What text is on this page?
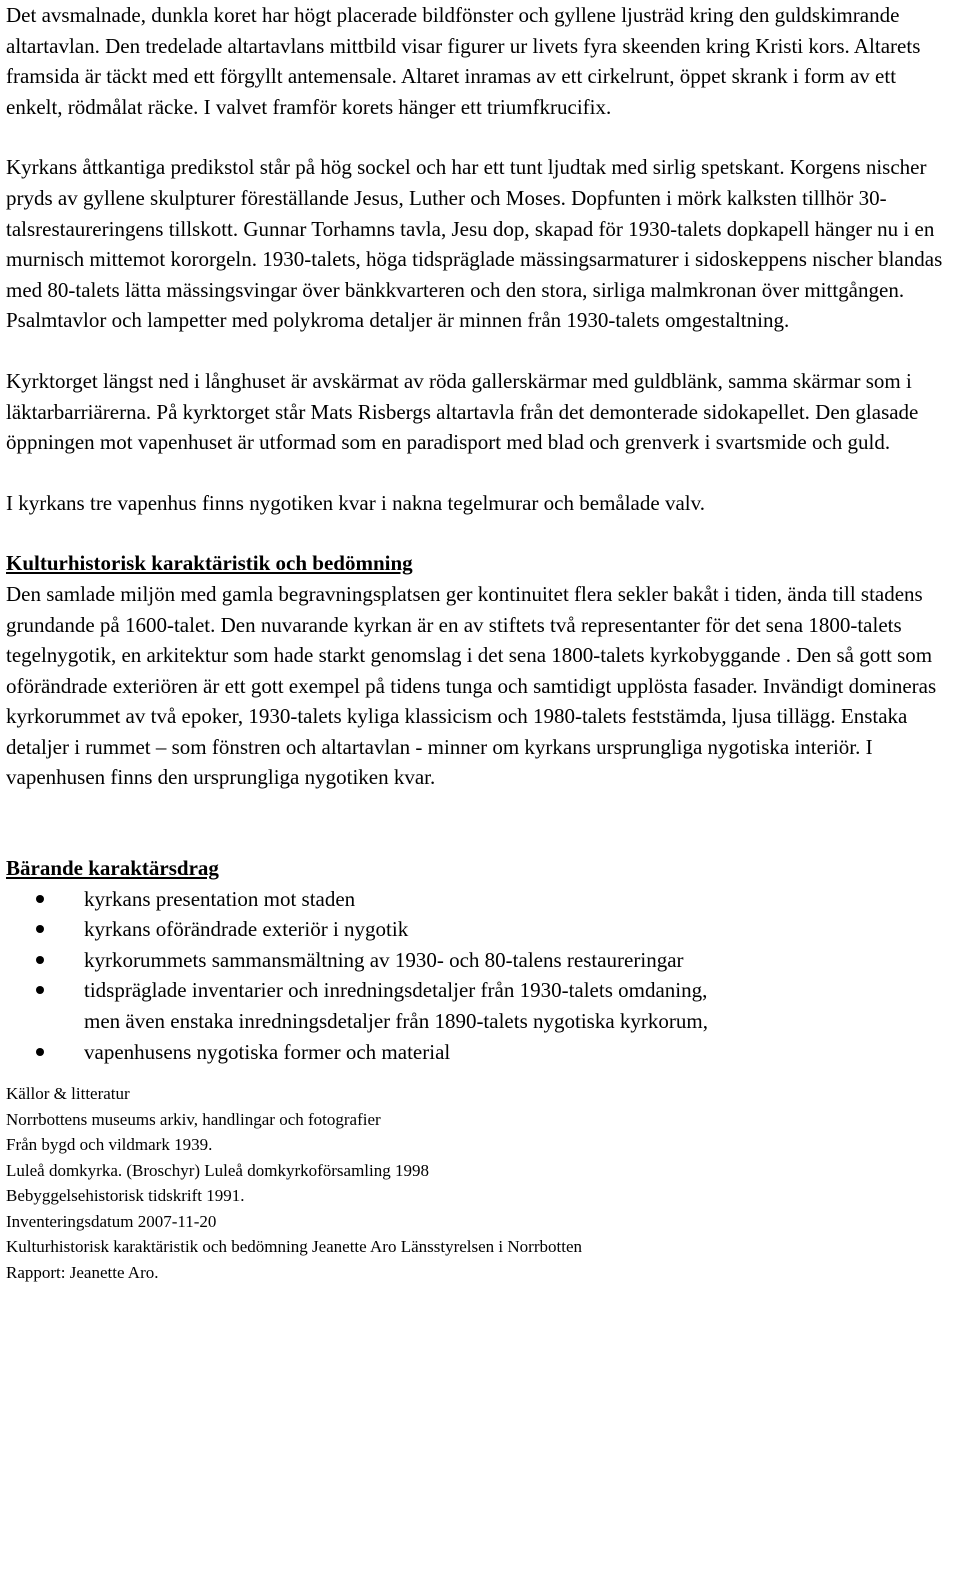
Det avsmalnade, dunkla koret har högt placerade bildfönster och gyllene ljusträd kring den guldskimrande altartavlan. Den tredelade altartavlans mittbild visar figurer ur livets fyra skeenden kring Kristi kors. Altarets framsida är täckt med ett förgyllt antemensale. Altaret inramas av ett cirkelrunt, öppet skrank i form av ett enkelt, rödmålat räcke. I valvet framför korets hänger ett triumfkrucifix.

Kyrkans åttkantiga predikstol står på hög sockel och har ett tunt ljudtak med sirlig spetskant. Korgens nischer pryds av gyllene skulpturer föreställande Jesus, Luther och Moses. Dopfunten i mörk kalksten tillhör 30-talsrestaureringens tillskott. Gunnar Torhamns tavla, Jesu dop, skapad för 1930-talets dopkapell hänger nu i en murnisch mittemot kororgeln. 1930-talets, höga tidspräglade mässingsarmaturer i sidoskeppens nischer blandas med 80-talets lätta mässingsvingar över bänkkvarteren och den stora, sirliga malmkronan över mittgången. Psalmtavlor och lampetter med polykroma detaljer är minnen från 1930-talets omgestaltning.

Kyrktorget längst ned i långhuset är avskärmat av röda gallerskärmar med guldblänk, samma skärmar som i läktarbarriärerna. På kyrktorget står Mats Risbergs altartavla från det demonterade sidokapellet. Den glasade öppningen mot vapenhuset är utformad som en paradisport med blad och grenverk i svartsmide och guld.

I kyrkans tre vapenhus finns nygotiken kvar i nakna tegelmurar och bemålade valv.

Kulturhistorisk karaktäristik och bedömning

Den samlade miljön med gamla begravningsplatsen ger kontinuitet flera sekler bakåt i tiden, ända till stadens grundande på 1600-talet. Den nuvarande kyrkan är en av stiftets två representanter för det sena 1800-talets tegelnygotik, en arkitektur som hade starkt genomslag i det sena 1800-talets kyrkobyggande . Den så gott som oförändrade exteriören är ett gott exempel på tidens tunga och samtidigt upplösta fasader. Invändigt domineras kyrkorummet av två epoker, 1930-talets kyliga klassicism och 1980-talets feststämda, ljusa tillägg. Enstaka detaljer i rummet – som fönstren och altartavlan - minner om kyrkans ursprungliga nygotiska interiör. I vapenhusen finns den ursprungliga nygotiken kvar.

Bärande karaktärsdrag

kyrkans presentation mot staden
kyrkans oförändrade exteriör i nygotik
kyrkorummets sammansmältning av 1930- och 80-talens restaureringar
tidspräglade inventarier och inredningsdetaljer från 1930-talets omdaning, men även enstaka inredningsdetaljer från 1890-talets nygotiska kyrkorum,
vapenhusens nygotiska former och material

Källor & litteratur

Norrbottens museums arkiv, handlingar och fotografier

Från bygd och vildmark 1939.

Luleå domkyrka. (Broschyr) Luleå domkyrkoförsamling 1998

Bebyggelsehistorisk tidskrift 1991.

Inventeringsdatum 2007-11-20

Kulturhistorisk karaktäristik och bedömning Jeanette Aro Länsstyrelsen i Norrbotten

Rapport: Jeanette Aro.
